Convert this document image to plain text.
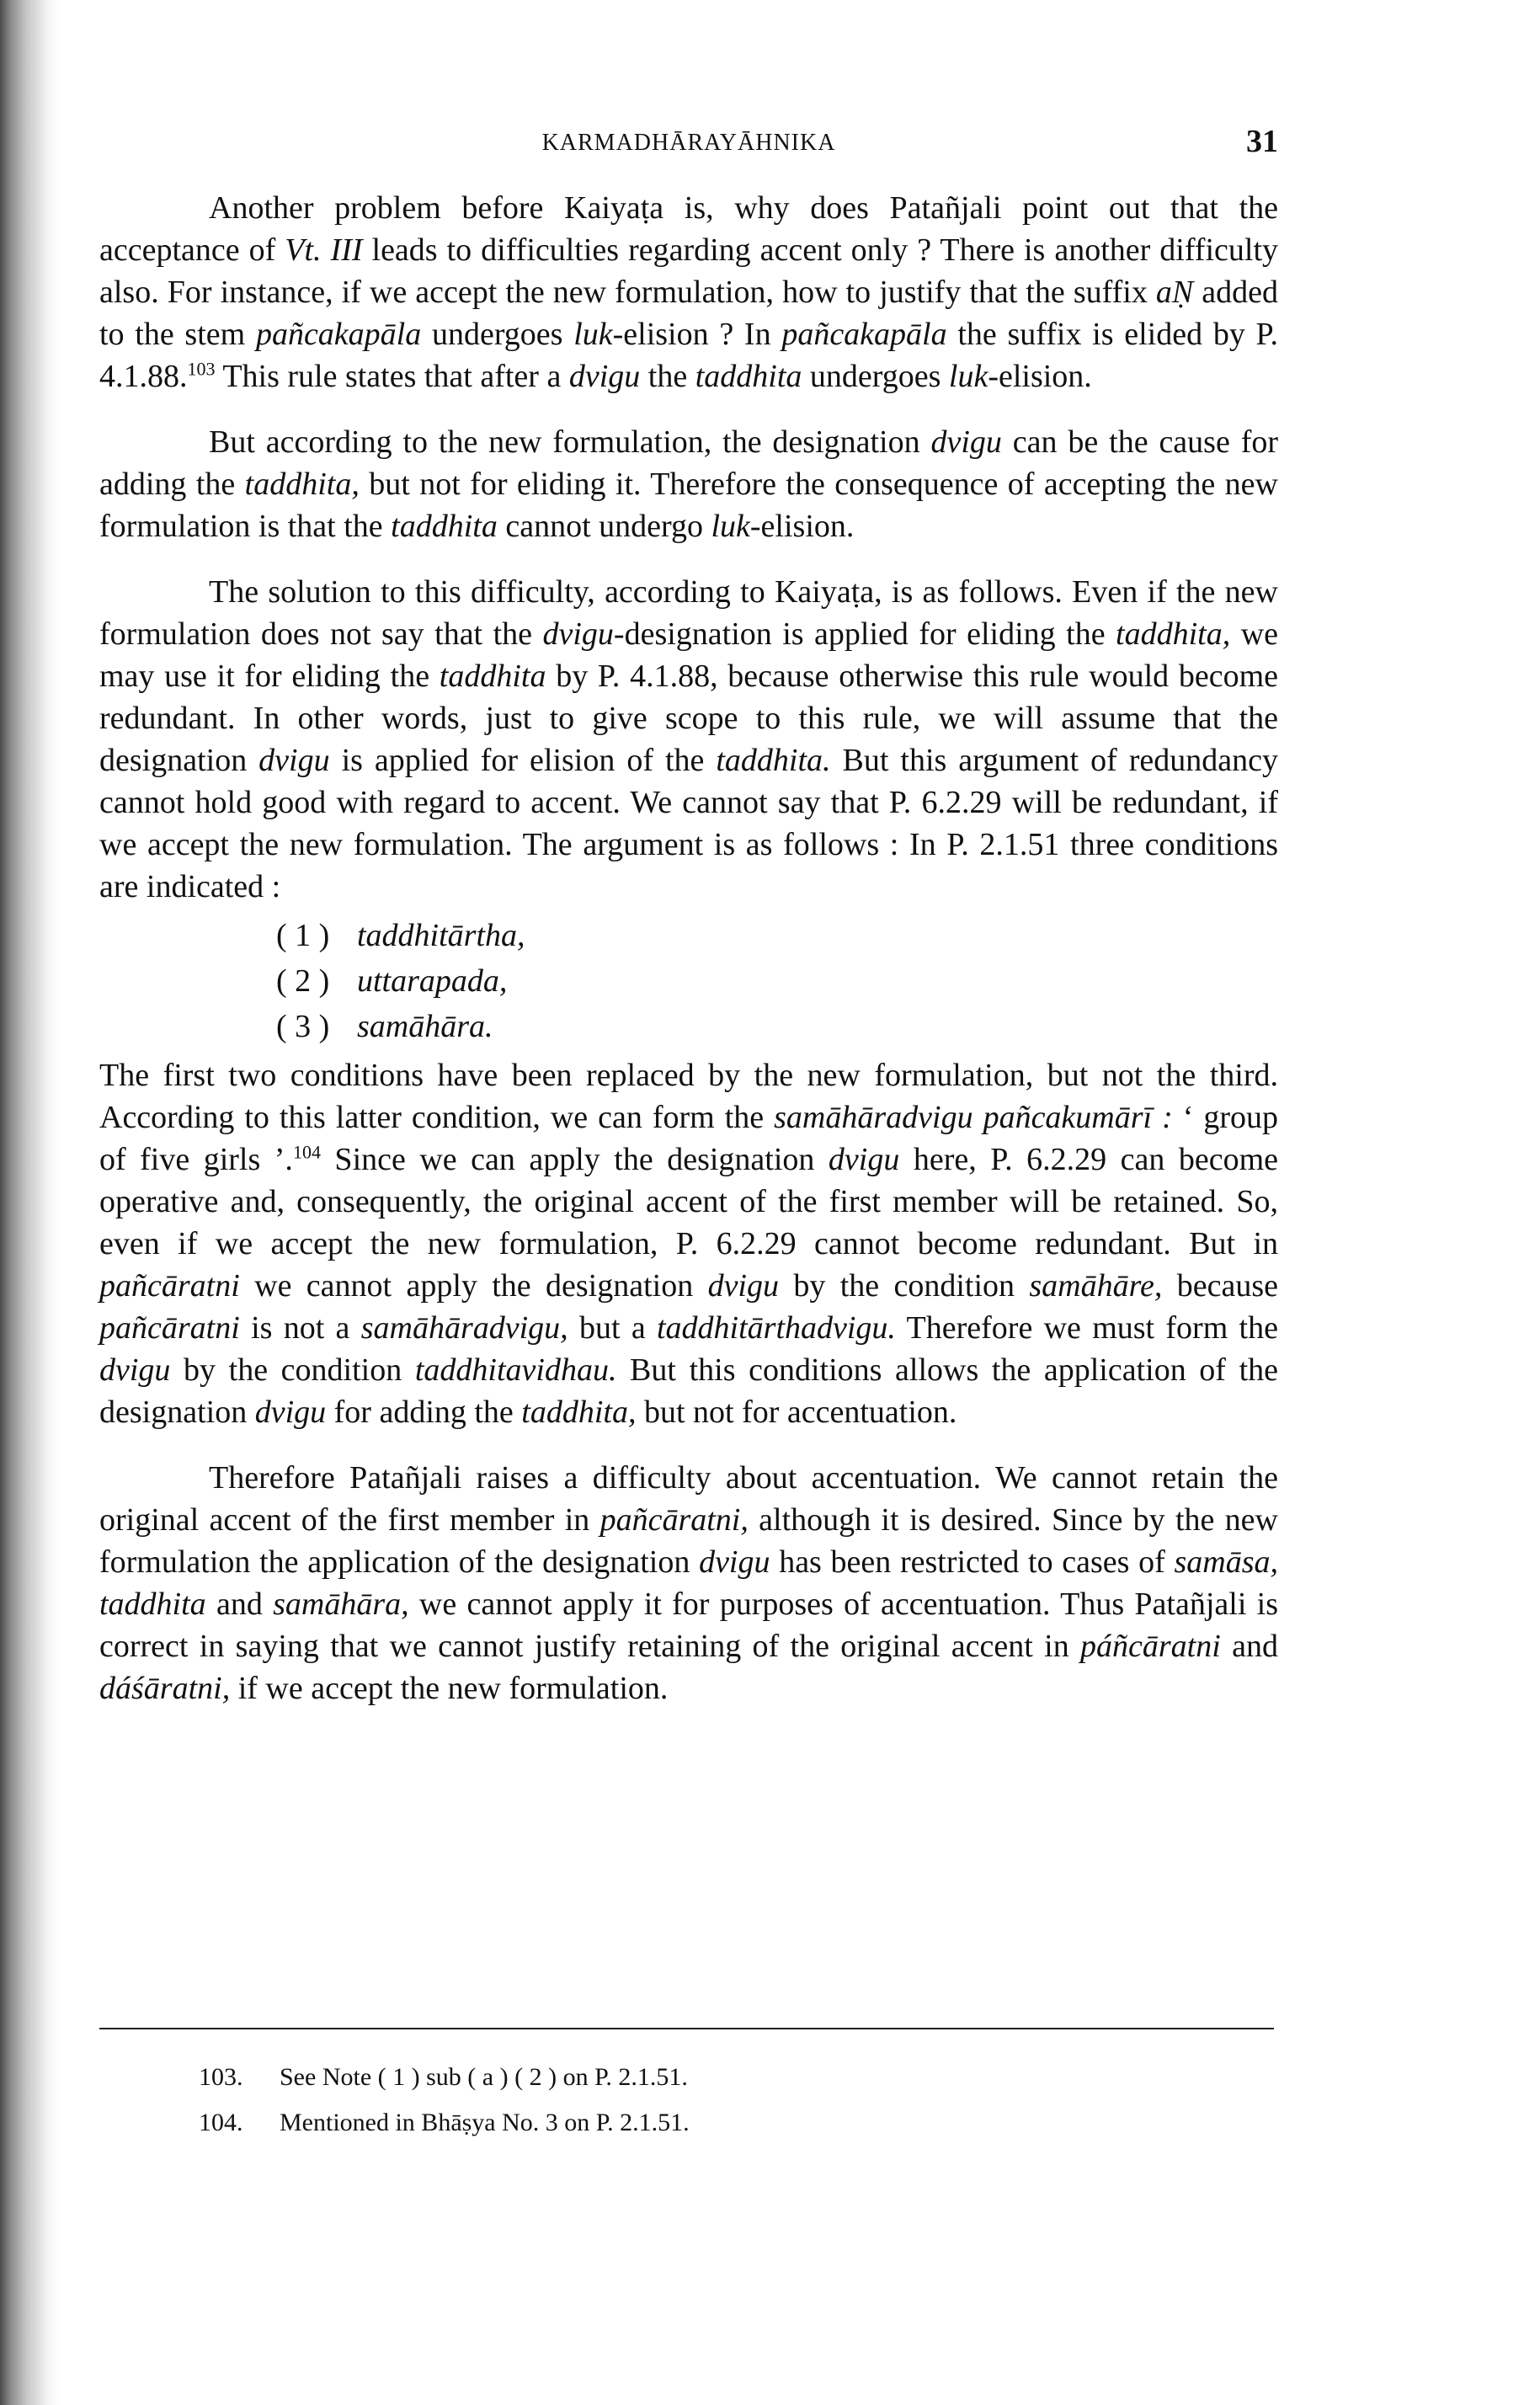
KARMADHĀRAYĀHNIKA	31

Another problem before Kaiyaṭa is, why does Patañjali point out that the acceptance of Vt. III leads to difficulties regarding accent only ? There is another difficulty also. For instance, if we accept the new formulation, how to justify that the suffix aṆ added to the stem pañcakapāla undergoes luk-elision ? In pañcakapāla the suffix is elided by P. 4.1.88.$^{103}$ This rule states that after a dvigu the taddhita undergoes luk-elision.

But according to the new formulation, the designation dvigu can be the cause for adding the taddhita, but not for eliding it. Therefore the consequence of accepting the new formulation is that the taddhita cannot undergo luk-elision.

The solution to this difficulty, according to Kaiyaṭa, is as follows. Even if the new formulation does not say that the dvigu-designation is applied for eliding the taddhita, we may use it for eliding the taddhita by P. 4.1.88, because otherwise this rule would become redundant. In other words, just to give scope to this rule, we will assume that the designation dvigu is applied for elision of the taddhita. But this argument of redundancy cannot hold good with regard to accent. We cannot say that P. 6.2.29 will be redundant, if we accept the new formulation. The argument is as follows : In P. 2.1.51 three conditions are indicated :

( 1 ) taddhitārtha,
( 2 ) uttarapada,
( 3 ) samāhāra.

The first two conditions have been replaced by the new formulation, but not the third. According to this latter condition, we can form the samāhāradvigu pañcakumārī : ‘ group of five girls ’.$^{104}$ Since we can apply the designation dvigu here, P. 6.2.29 can become operative and, consequently, the original accent of the first member will be retained. So, even if we accept the new formulation, P. 6.2.29 cannot become redundant. But in pañcāratni we cannot apply the designation dvigu by the condition samāhāre, because pañcāratni is not a samāhāradvigu, but a taddhitārthadvigu. Therefore we must form the dvigu by the condition taddhitavidhau. But this conditions allows the application of the designation dvigu for adding the taddhita, but not for accentuation.

Therefore Patañjali raises a difficulty about accentuation. We cannot retain the original accent of the first member in pañcāratni, although it is desired. Since by the new formulation the application of the designation dvigu has been restricted to cases of samāsa, taddhita and samāhāra, we cannot apply it for purposes of accentuation. Thus Patañjali is correct in saying that we cannot justify retaining of the original accent in páñcāratni and dáśāratni, if we accept the new formulation.

103. See Note ( 1 ) sub ( a ) ( 2 ) on P. 2.1.51.
104. Mentioned in Bhāṣya No. 3 on P. 2.1.51.
